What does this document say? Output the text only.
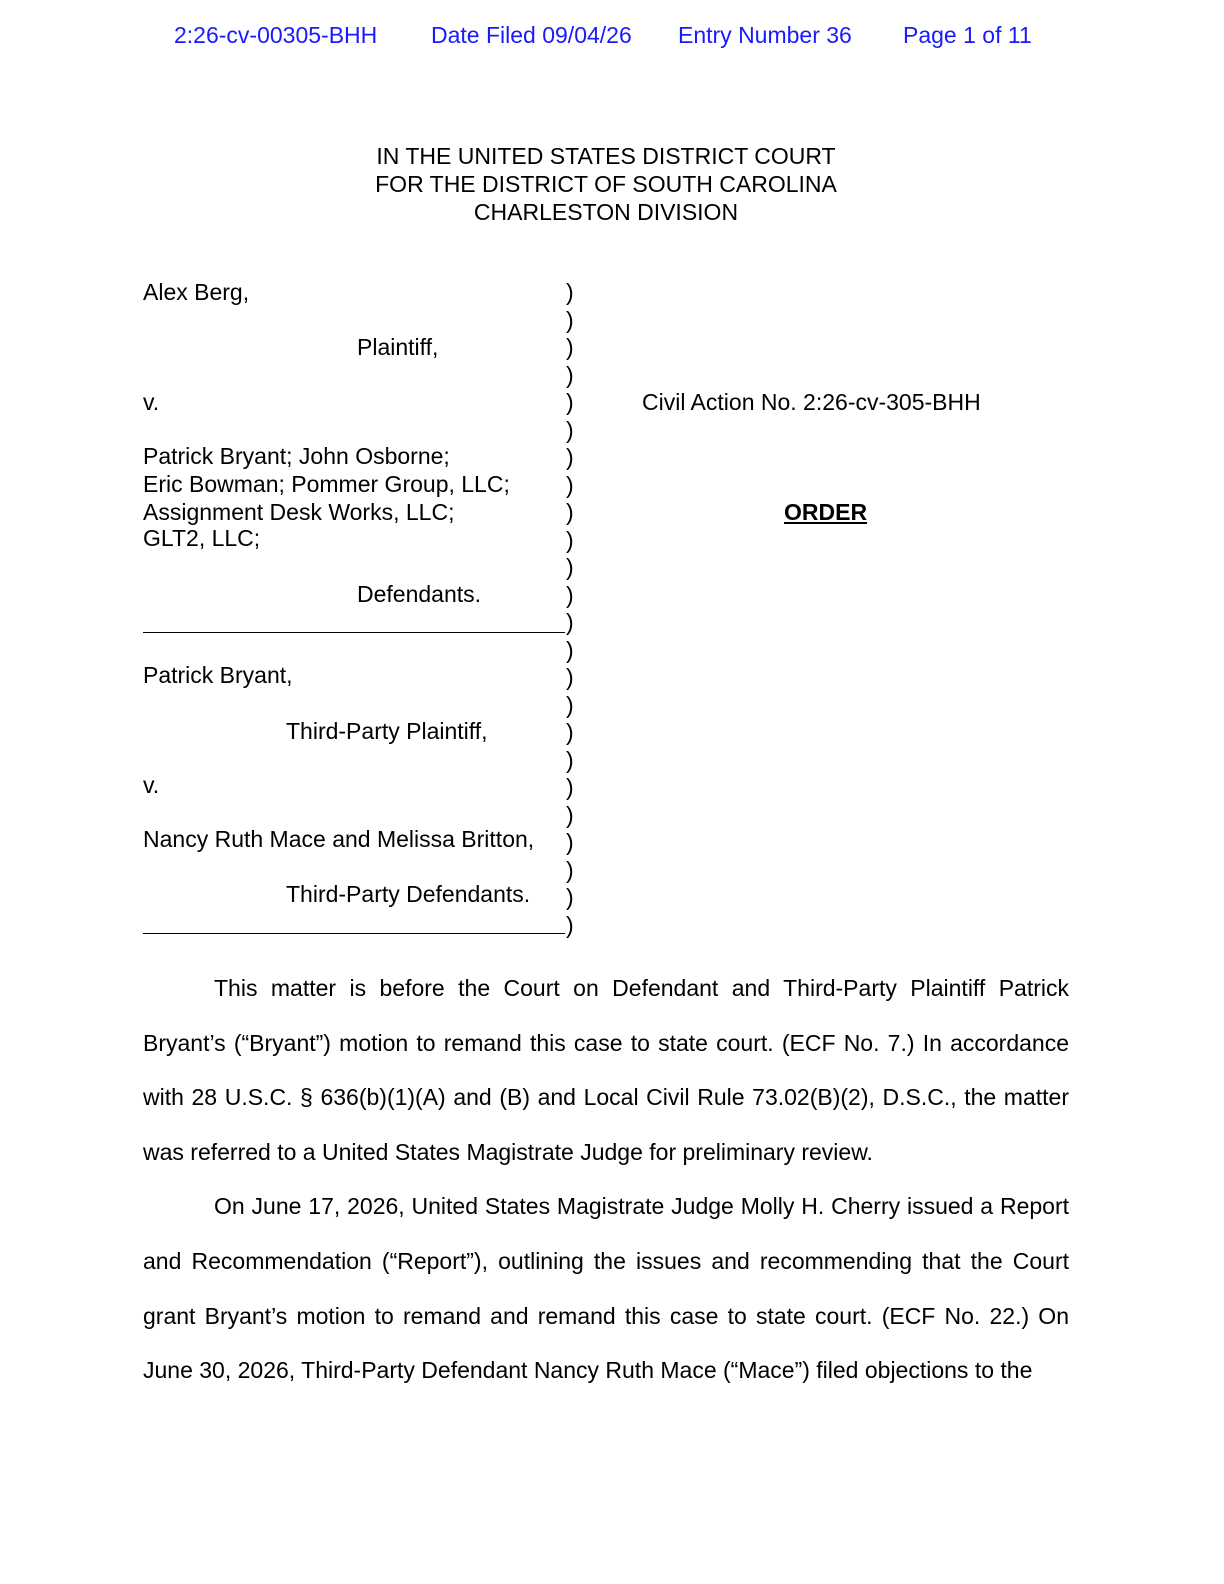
2:26-cv-00305-BHH Date Filed 09/04/26 Entry Number 36 Page 1 of 11
IN THE UNITED STATES DISTRICT COURT
FOR THE DISTRICT OF SOUTH CAROLINA
CHARLESTON DIVISION
Alex Berg,
Plaintiff,
v.
Patrick Bryant; John Osborne;
Eric Bowman; Pommer Group, LLC;
Assignment Desk Works, LLC;
GLT2, LLC;
Defendants.
Patrick Bryant,
Third-Party Plaintiff,
v.
Nancy Ruth Mace and Melissa Britton,
Third-Party Defendants.
)
)
)
)
)
)
)
)
)
)
)
)
)
)
)
)
)
)
)
)
)
)
)
)
Civil Action No. 2:26-cv-305-BHH
ORDER

This matter is before the Court on Defendant and Third-Party Plaintiff Patrick Bryant’s (“Bryant”) motion to remand this case to state court. (ECF No. 7.) In accordance with 28 U.S.C. § 636(b)(1)(A) and (B) and Local Civil Rule 73.02(B)(2), D.S.C., the matter was referred to a United States Magistrate Judge for preliminary review.

On June 17, 2026, United States Magistrate Judge Molly H. Cherry issued a Report and Recommendation (“Report”), outlining the issues and recommending that the Court grant Bryant’s motion to remand and remand this case to state court. (ECF No. 22.) On June 30, 2026, Third-Party Defendant Nancy Ruth Mace (“Mace”) filed objections to the
